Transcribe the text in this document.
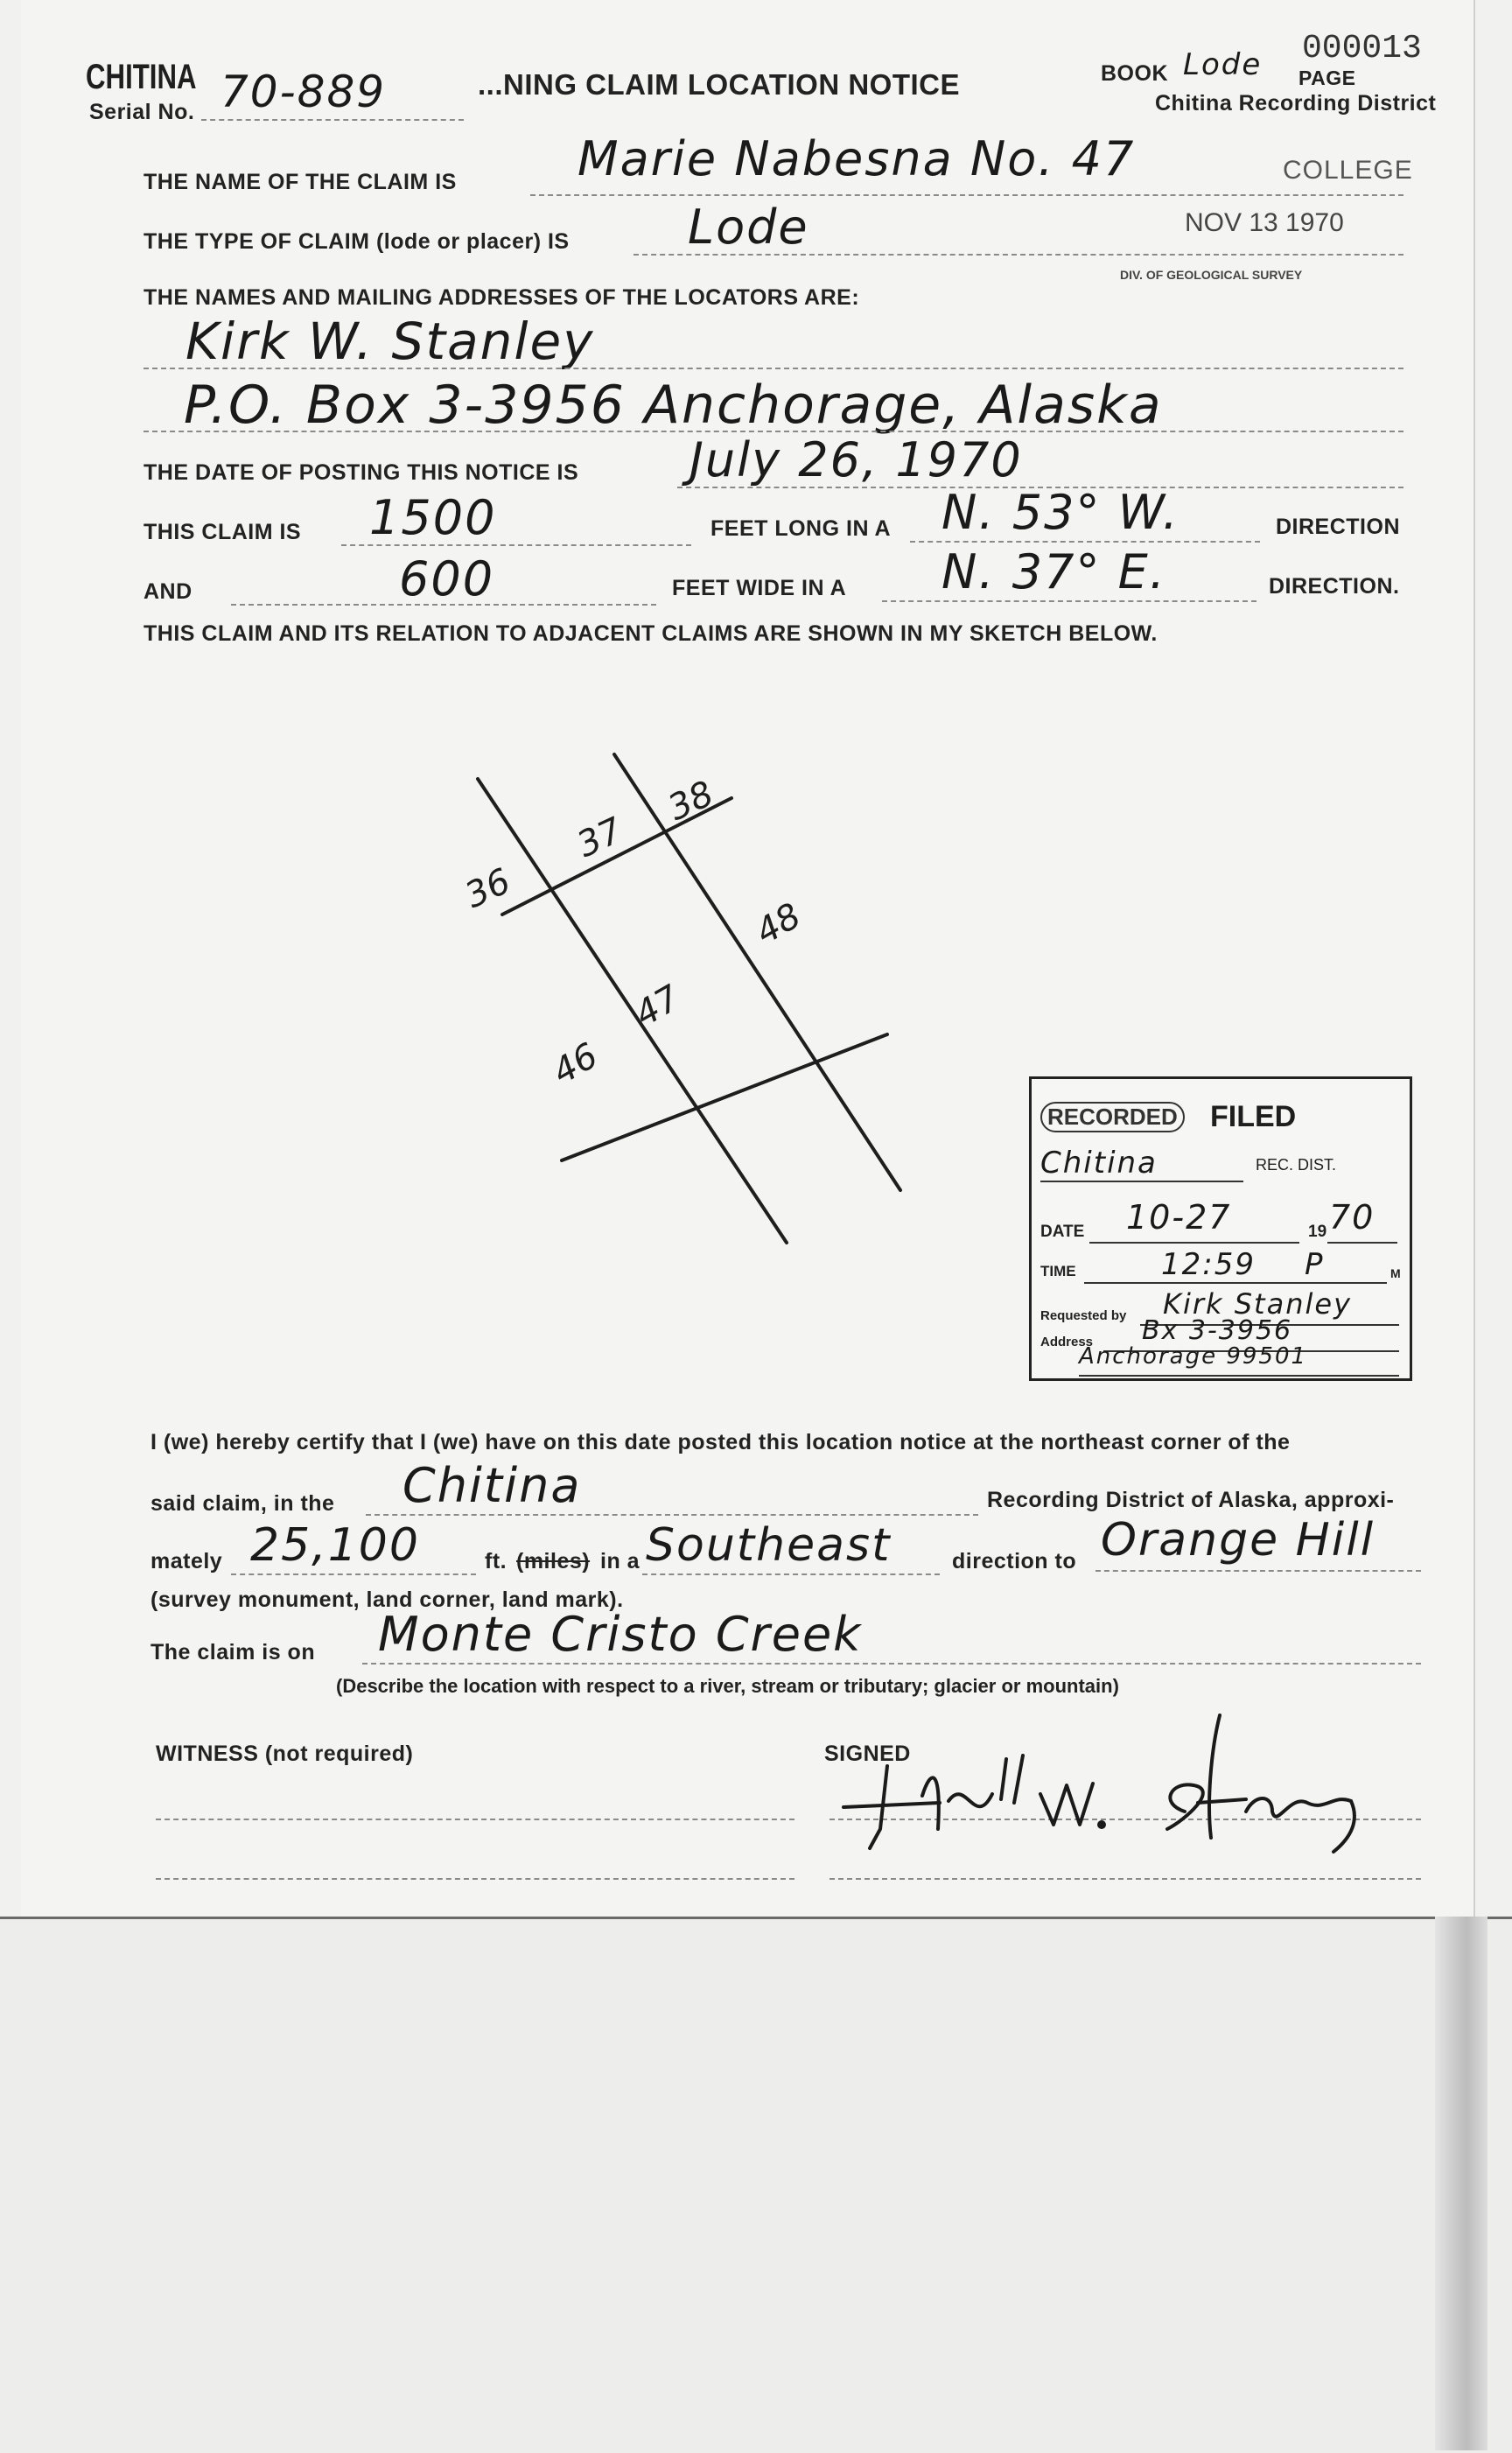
CHITINA
Serial No. 70-889	...NING CLAIM LOCATION NOTICE	BOOK Lode PAGE
000013
Chitina Recording District
THE NAME OF THE CLAIM IS	Marie Nabesna No. 47	COLLEGE
THE TYPE OF CLAIM (lode or placer) IS	Lode	NOV 13 1970
DIV. OF GEOLOGICAL SURVEY
THE NAMES AND MAILING ADDRESSES OF THE LOCATORS ARE:
Kirk W. Stanley
P.O. Box 3-3956 Anchorage, Alaska
THE DATE OF POSTING THIS NOTICE IS July 26, 1970
THIS CLAIM IS 1500	FEET LONG IN A N. 53° W.	DIRECTION
AND	600	FEET WIDE IN A N. 37° E.	DIRECTION.
THIS CLAIM AND ITS RELATION TO ADJACENT CLAIMS ARE SHOWN IN MY SKETCH BELOW.
36
37
38
48
47
46
RECORDED FILED
Chitina	REC. DIST.
DATE 10-27	19 70
TIME	12:59 P	M
Requested by Kirk Stanley
Address Bx 3-3956
Anchorage 99501
I (we) hereby certify that I (we) have on this date posted this location notice at the northeast corner of the
said claim, in the Chitina	Recording District of Alaska, approxi-
mately 25,100	ft. (miles) in a Southeast	direction to Orange Hill
(survey monument, land corner, land mark).
The claim is on Monte Cristo Creek
(Describe the location with respect to a river, stream or tributary; glacier or mountain)
WITNESS (not required)	SIGNED
